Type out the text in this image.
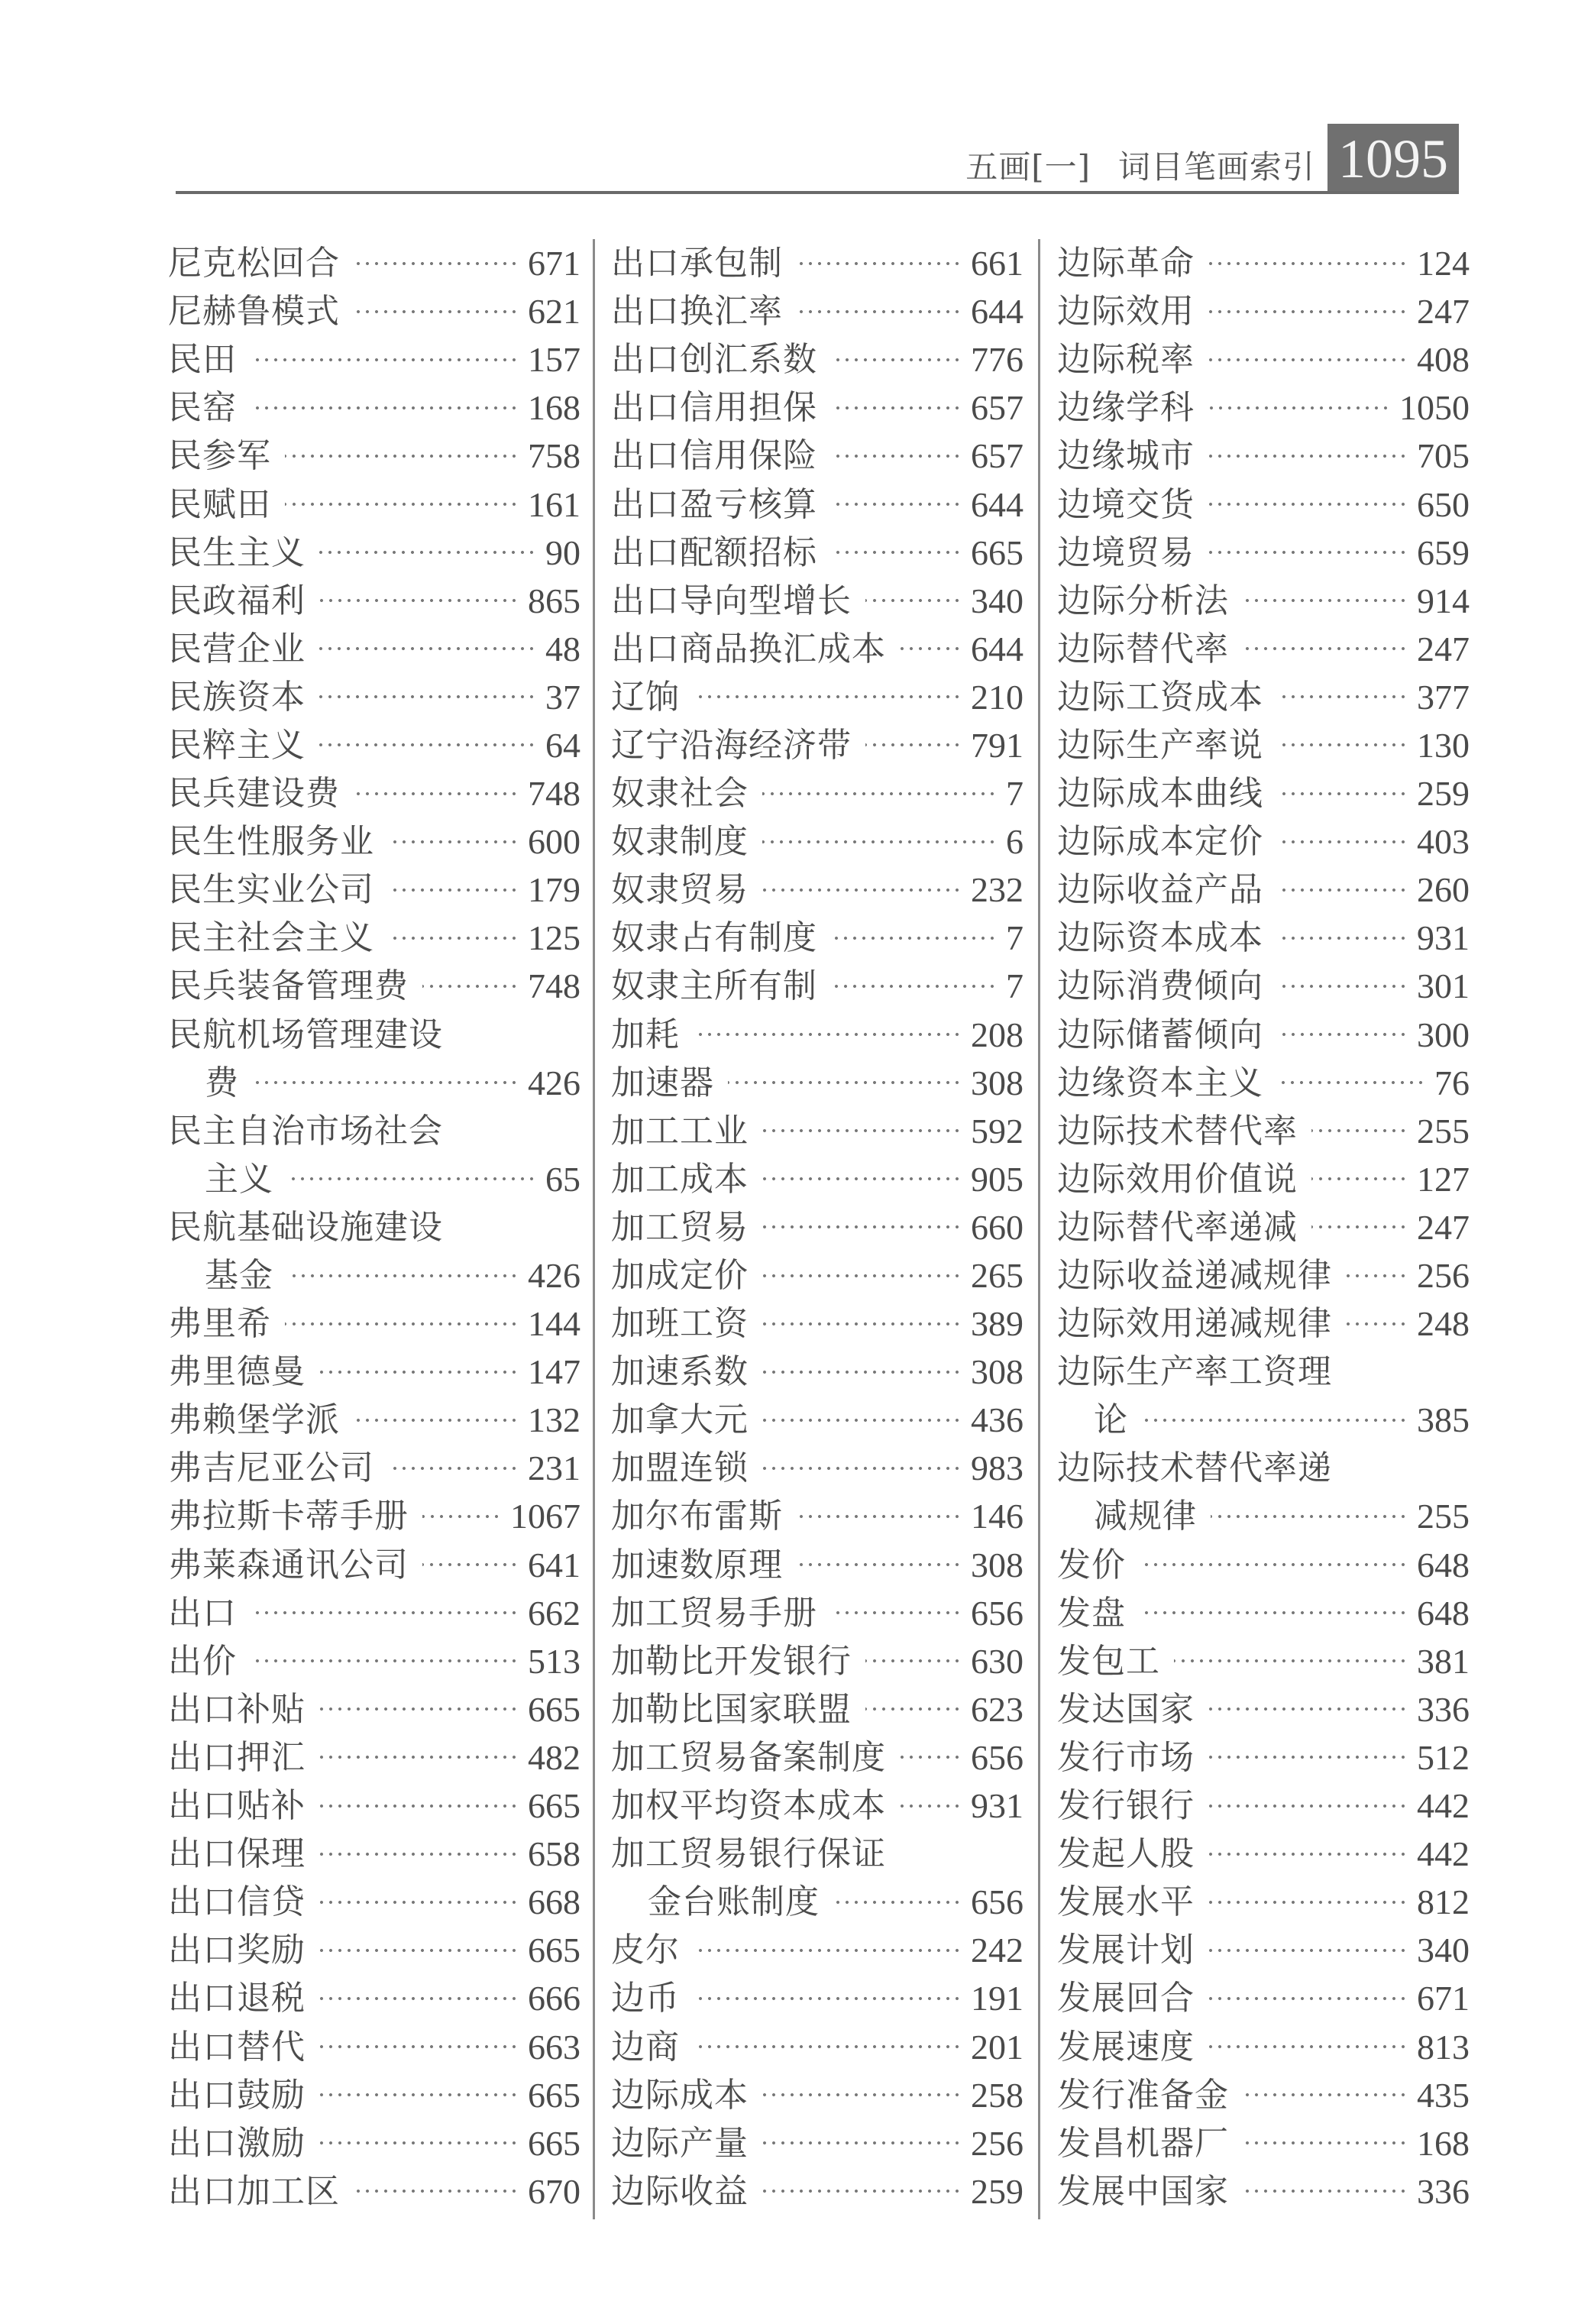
五画[一] 词目笔画索引 1095
尼克松回合	671
尼赫鲁模式	621
民田	157
民窑	168
民参军	758
民赋田	161
民生主义	90
民政福利	865
民营企业	48
民族资本	37
民粹主义	64
民兵建设费	748
民生性服务业	600
民生实业公司	179
民主社会主义	125
民兵装备管理费	748
民航机场管理建设
费	426
民主自治市场社会
主义	65
民航基础设施建设
基金	426
弗里希	144
弗里德曼	147
弗赖堡学派	132
弗吉尼亚公司	231
弗拉斯卡蒂手册	1067
弗莱森通讯公司	641
出口	662
出价	513
出口补贴	665
出口押汇	482
出口贴补	665
出口保理	658
出口信贷	668
出口奖励	665
出口退税	666
出口替代	663
出口鼓励	665
出口激励	665
出口加工区	670
出口承包制	661
出口换汇率	644
出口创汇系数	776
出口信用担保	657
出口信用保险	657
出口盈亏核算	644
出口配额招标	665
出口导向型增长	340
出口商品换汇成本 644
辽饷	210
辽宁沿海经济带	791
奴隶社会	7
奴隶制度	6
奴隶贸易	232
奴隶占有制度	7
奴隶主所有制	7
加耗	208
加速器	308
加工工业	592
加工成本	905
加工贸易	660
加成定价	265
加班工资	389
加速系数	308
加拿大元	436
加盟连锁	983
加尔布雷斯	146
加速数原理	308
加工贸易手册	656
加勒比开发银行	630
加勒比国家联盟	623
加工贸易备案制度 656
加权平均资本成本 931
加工贸易银行保证
金台账制度	656
皮尔	242
边币	191
边商	201
边际成本	258
边际产量	256
边际收益	259
边际革命	124
边际效用	247
边际税率	408
边缘学科	1050
边缘城市	705
边境交货	650
边境贸易	659
边际分析法	914
边际替代率	247
边际工资成本	377
边际生产率说	130
边际成本曲线	259
边际成本定价	403
边际收益产品	260
边际资本成本	931
边际消费倾向	301
边际储蓄倾向	300
边缘资本主义	76
边际技术替代率	255
边际效用价值说	127
边际替代率递减	247
边际收益递减规律 256
边际效用递减规律 248
边际生产率工资理
论	385
边际技术替代率递
减规律	255
发价	648
发盘	648
发包工	381
发达国家	336
发行市场	512
发行银行	442
发起人股	442
发展水平	812
发展计划	340
发展回合	671
发展速度	813
发行准备金	435
发昌机器厂	168
发展中国家	336
